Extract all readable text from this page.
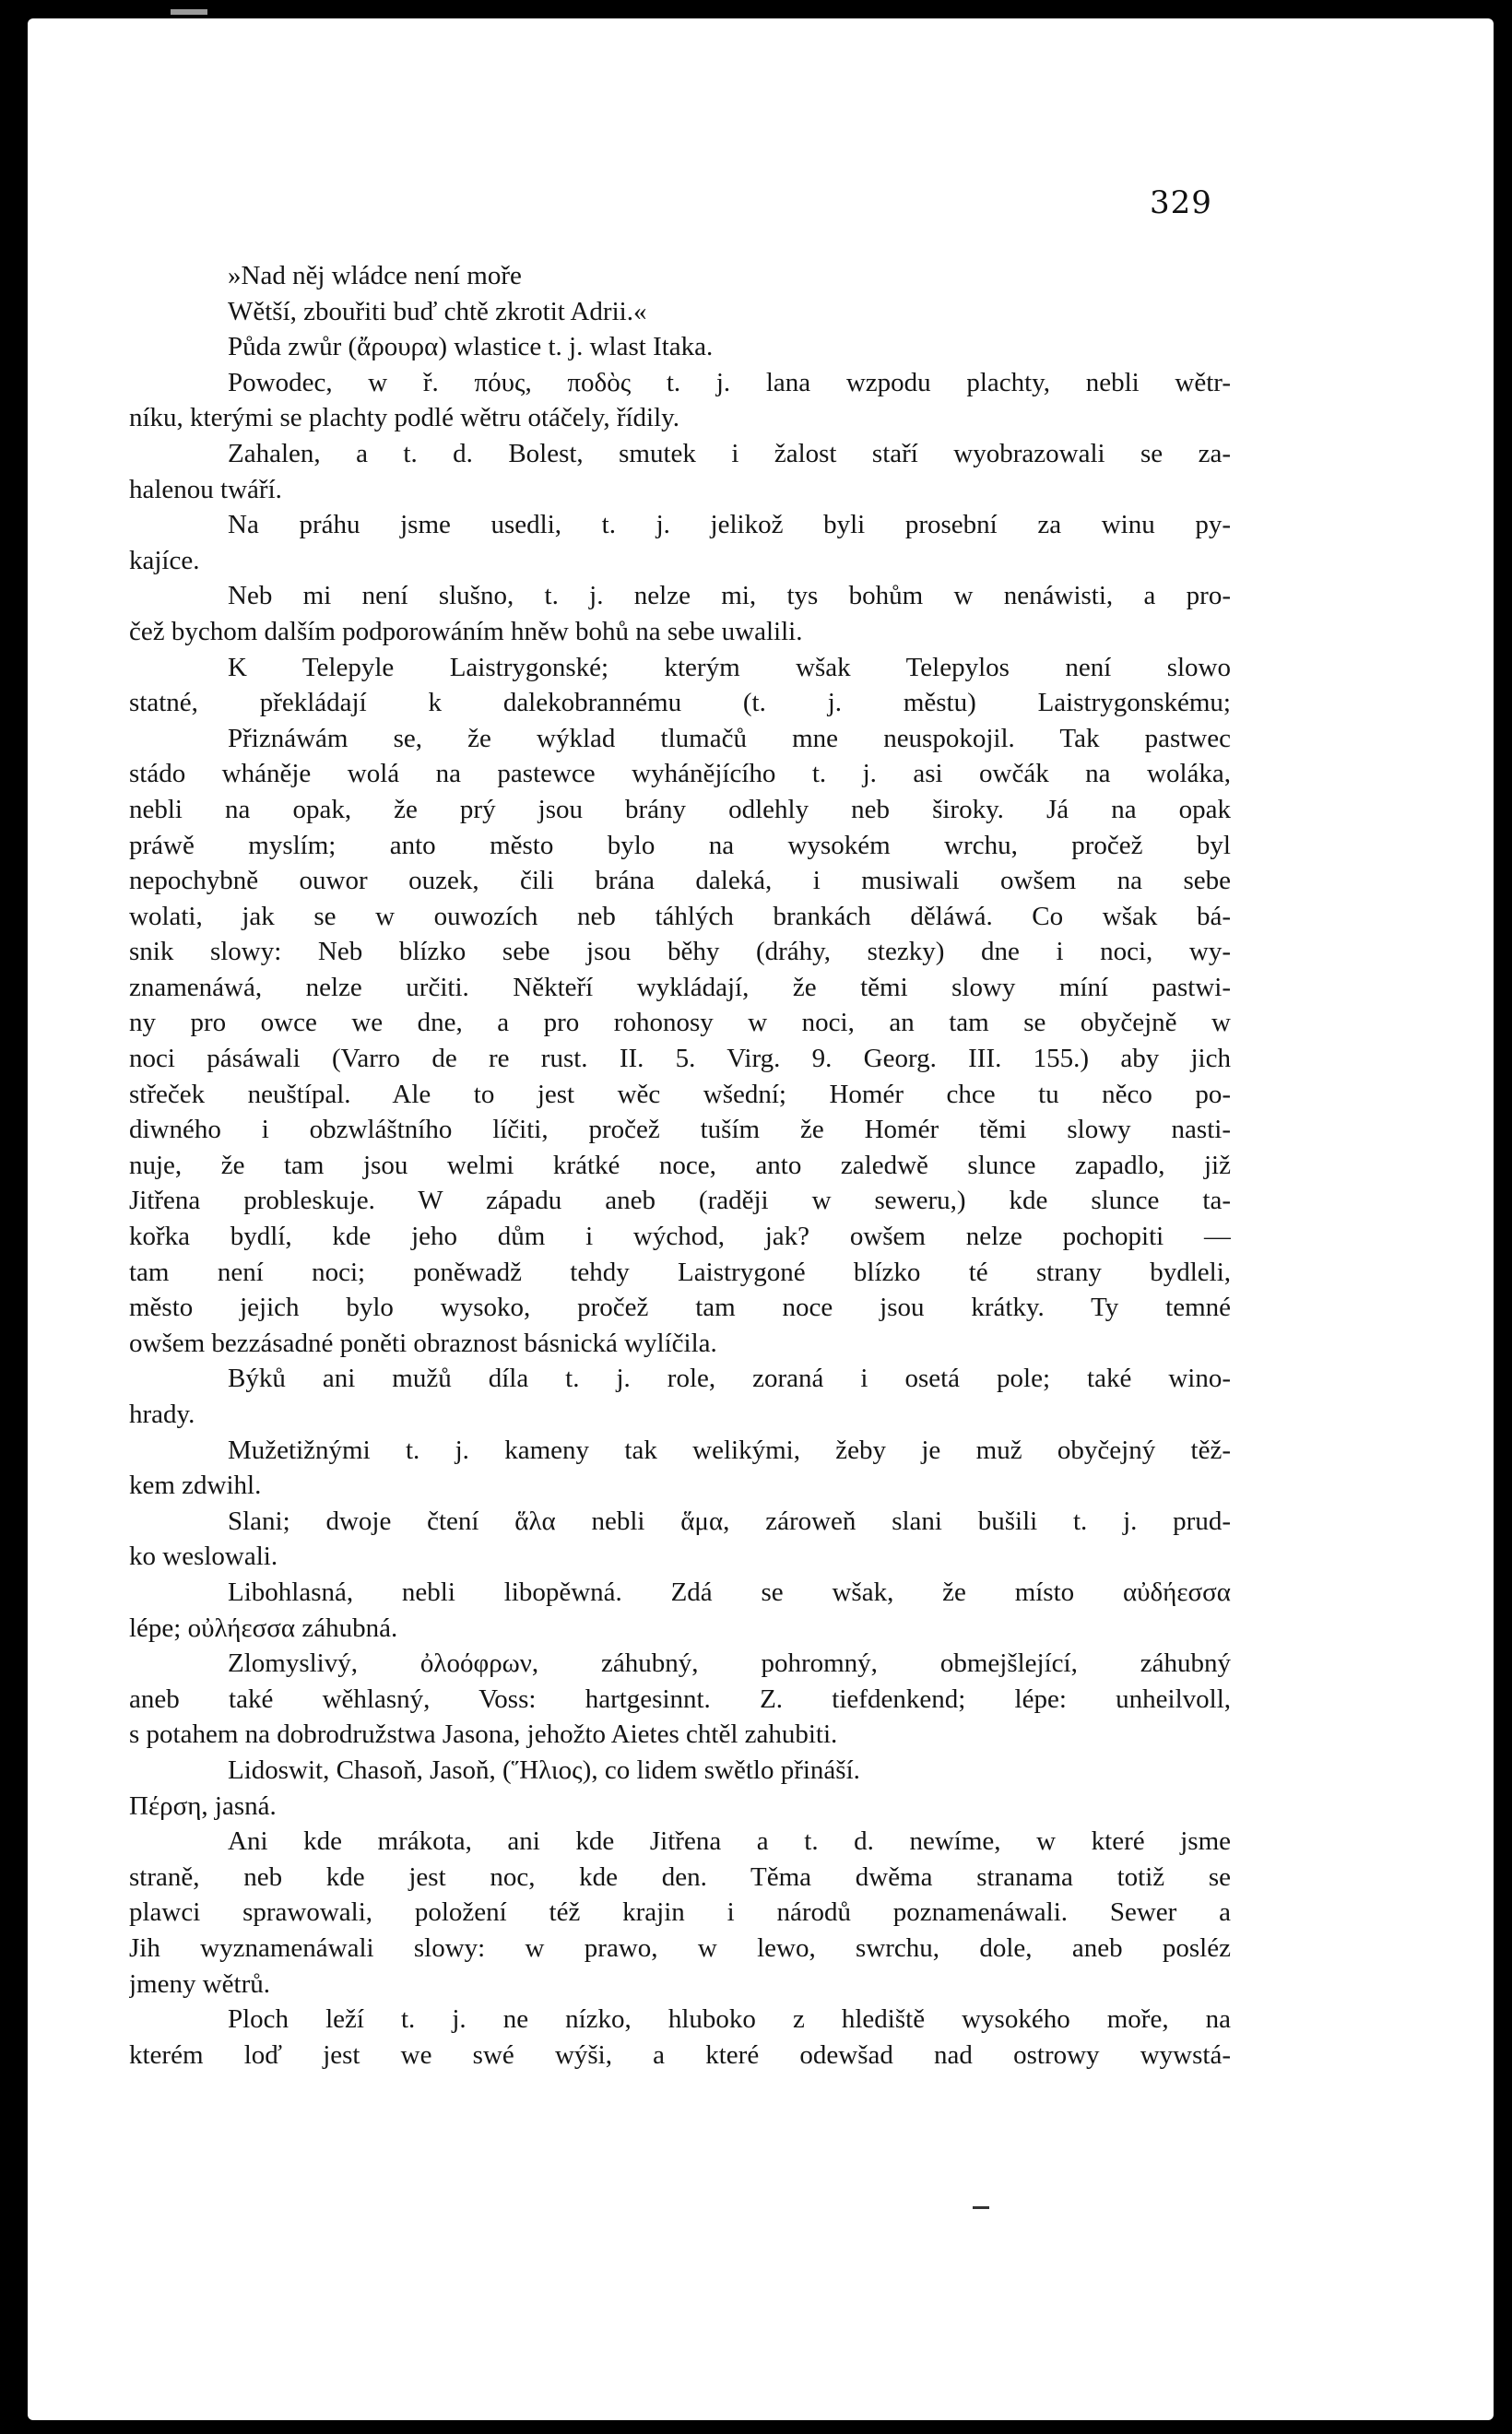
329
»Nad něj wládce není moře
Wětší, zbouřiti buď chtě zkrotit Adrii.«
Půda zwůr (ἄρουρα) wlastice t. j. wlast Itaka.
Powodec, w ř. πόυς, ποδὸς t. j. lana wzpodu plachty, nebli wětr-
níku, kterými se plachty podlé wětru otáčely, řídily.
Zahalen, a t. d. Bolest, smutek i žalost staří wyobrazowali se za-
halenou twáří.
Na práhu jsme usedli, t. j. jelikož byli prosební za winu py-
kajíce.
Neb mi není slušno, t. j. nelze mi, tys bohům w nenáwisti, a pro-
čež bychom dalším podporowáním hněw bohů na sebe uwalili.
K Telepyle Laistrygonské; kterým wšak Telepylos není slowo
statné, překládají k dalekobrannému (t. j. městu) Laistrygonskému;
Přiznáwám se, že wýklad tlumačů mne neuspokojil. Tak pastwec
stádo wháněje wolá na pastewce wyhánějícího t. j. asi owčák na woláka,
nebli na opak, že prý jsou brány odlehly neb široky. Já na opak
práwě myslím; anto město bylo na wysokém wrchu, pročež byl
nepochybně ouwor ouzek, čili brána daleká, i musiwali owšem na sebe
wolati, jak se w ouwozích neb táhlých brankách děláwá. Co wšak bá-
snik slowy: Neb blízko sebe jsou běhy (dráhy, stezky) dne i noci, wy-
znamenáwá, nelze určiti. Někteří wykládají, že těmi slowy míní pastwi-
ny pro owce we dne, a pro rohonosy w noci, an tam se obyčejně w
noci pásáwali (Varro de re rust. II. 5. Virg. 9. Georg. III. 155.) aby jich
střeček neuštípal. Ale to jest wěc wšední; Homér chce tu něco po-
diwného i obzwláštního líčiti, pročež tuším že Homér těmi slowy nasti-
nuje, že tam jsou welmi krátké noce, anto zaledwě slunce zapadlo, již
Jitřena probleskuje. W západu aneb (raději w seweru,) kde slunce ta-
kořka bydlí, kde jeho dům i wýchod, jak? owšem nelze pochopiti —
tam není noci; poněwadž tehdy Laistrygoné blízko té strany bydleli,
město jejich bylo wysoko, pročež tam noce jsou krátky. Ty temné
owšem bezzásadné poněti obraznost básnická wylíčila.
Býků ani mužů díla t. j. role, zoraná i osetá pole; také wino-
hrady.
Mužetižnými t. j. kameny tak welikými, žeby je muž obyčejný těž-
kem zdwihl.
Slani; dwoje čtení ἅλα nebli ἅμα, zároweň slani bušili t. j. prud-
ko weslowali.
Libohlasná, nebli libopěwná. Zdá se wšak, že místo αὐδήεσσα
lépe; οὐλήεσσα záhubná.
Zlomyslivý, ὀλοόφρων, záhubný, pohromný, obmejšlející, záhubný
aneb také wěhlasný, Voss: hartgesinnt. Z. tiefdenkend; lépe: unheilvoll,
s potahem na dobrodružstwa Jasona, jehožto Aietes chtěl zahubiti.
Lidoswit, Chasoň, Jasoň, (Ἥλιος), co lidem swětlo přináší.
Πέρση, jasná.
Ani kde mrákota, ani kde Jitřena a t. d. newíme, w které jsme
straně, neb kde jest noc, kde den. Těma dwěma stranama totiž se
plawci sprawowali, položení též krajin i národů poznamenáwali. Sewer a
Jih wyznamenáwali slowy: w prawo, w lewo, swrchu, dole, aneb posléz
jmeny wětrů.
Ploch leží t. j. ne nízko, hluboko z hlediště wysokého moře, na
kterém loď jest we swé wýši, a které odewšad nad ostrowy wywstá-
